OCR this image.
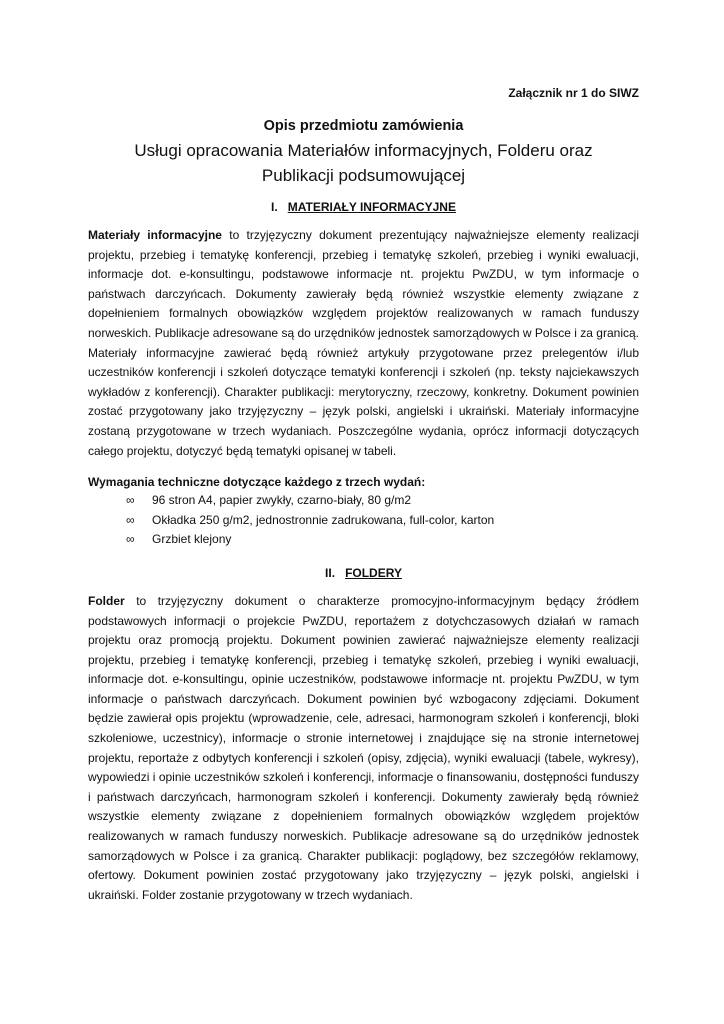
Załącznik nr 1 do SIWZ

Opis przedmiotu zamówienia

Usługi opracowania Materiałów informacyjnych, Folderu oraz
Publikacji podsumowującej

I. MATERIAŁY INFORMACYJNE

Materiały informacyjne to trzyjęzyczny dokument prezentujący najważniejsze elementy realizacji projektu, przebieg i tematykę konferencji, przebieg i tematykę szkoleń, przebieg i wyniki ewaluacji, informacje dot. e-konsultingu, podstawowe informacje nt. projektu PwZDU, w tym informacje o państwach darczyńcach. Dokumenty zawierały będą również wszystkie elementy związane z dopełnieniem formalnych obowiązków względem projektów realizowanych w ramach funduszy norweskich. Publikacje adresowane są do urzędników jednostek samorządowych w Polsce i za granicą. Materiały informacyjne zawierać będą również artykuły przygotowane przez prelegentów i/lub uczestników konferencji i szkoleń dotyczące tematyki konferencji i szkoleń (np. teksty najciekawszych wykładów z konferencji). Charakter publikacji: merytoryczny, rzeczowy, konkretny. Dokument powinien zostać przygotowany jako trzyjęzyczny – język polski, angielski i ukraiński. Materiały informacyjne zostaną przygotowane w trzech wydaniach. Poszczególne wydania, oprócz informacji dotyczących całego projektu, dotyczyć będą tematyki opisanej w tabeli.

Wymagania techniczne dotyczące każdego z trzech wydań:

∞ 96 stron A4, papier zwykły, czarno-biały, 80 g/m2
∞ Okładka 250 g/m2, jednostronnie zadrukowana, full-color, karton
∞ Grzbiet klejony

II. FOLDERY

Folder to trzyjęzyczny dokument o charakterze promocyjno-informacyjnym będący źródłem podstawowych informacji o projekcie PwZDU, reportażem z dotychczasowych działań w ramach projektu oraz promocją projektu. Dokument powinien zawierać najważniejsze elementy realizacji projektu, przebieg i tematykę konferencji, przebieg i tematykę szkoleń, przebieg i wyniki ewaluacji, informacje dot. e-konsultingu, opinie uczestników, podstawowe informacje nt. projektu PwZDU, w tym informacje o państwach darczyńcach. Dokument powinien być wzbogacony zdjęciami. Dokument będzie zawierał opis projektu (wprowadzenie, cele, adresaci, harmonogram szkoleń i konferencji, bloki szkoleniowe, uczestnicy), informacje o stronie internetowej i znajdujące się na stronie internetowej projektu, reportaże z odbytych konferencji i szkoleń (opisy, zdjęcia), wyniki ewaluacji (tabele, wykresy), wypowiedzi i opinie uczestników szkoleń i konferencji, informacje o finansowaniu, dostępności funduszy i państwach darczyńcach, harmonogram szkoleń i konferencji. Dokumenty zawierały będą również wszystkie elementy związane z dopełnieniem formalnych obowiązków względem projektów realizowanych w ramach funduszy norweskich. Publikacje adresowane są do urzędników jednostek samorządowych w Polsce i za granicą. Charakter publikacji: poglądowy, bez szczegółów reklamowy, ofertowy. Dokument powinien zostać przygotowany jako trzyjęzyczny – język polski, angielski i ukraiński. Folder zostanie przygotowany w trzech wydaniach.
